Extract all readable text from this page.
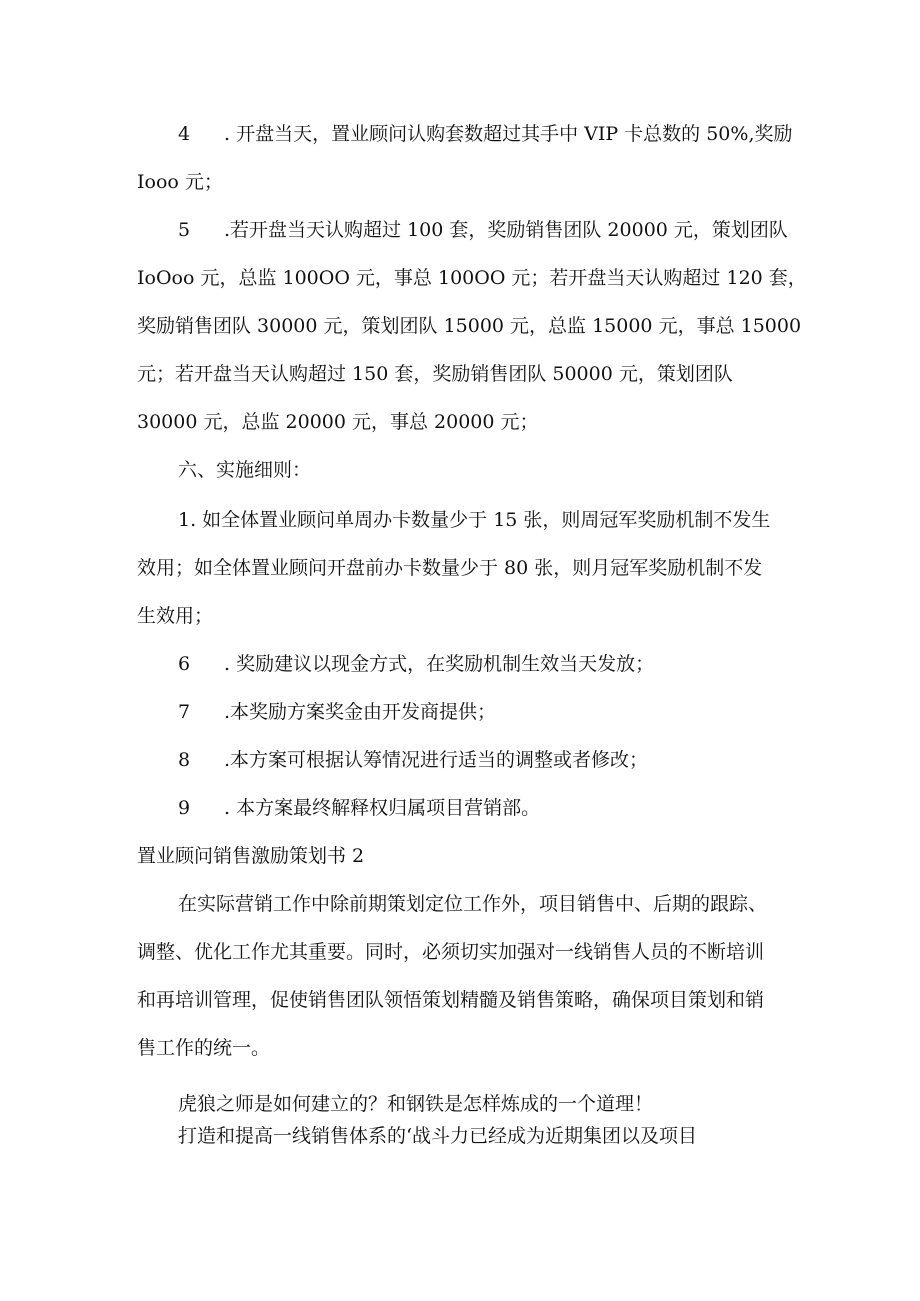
4 . 开盘当天，置业顾问认购套数超过其手中 VIP 卡总数的 50%,奖励
Iooo 元；
5 .若开盘当天认购超过 100 套，奖励销售团队 20000 元，策划团队
IoOoo 元，总监 100OO 元，事总 100OO 元；若开盘当天认购超过 120 套，
奖励销售团队 30000 元，策划团队 15000 元，总监 15000 元，事总 15000
元；若开盘当天认购超过 150 套，奖励销售团队 50000 元，策划团队
30000 元，总监 20000 元，事总 20000 元；
六、实施细则：
1. 如全体置业顾问单周办卡数量少于 15 张，则周冠军奖励机制不发生
效用；如全体置业顾问开盘前办卡数量少于 80 张，则月冠军奖励机制不发
生效用；
6 . 奖励建议以现金方式，在奖励机制生效当天发放；
7 .本奖励方案奖金由开发商提供；
8 .本方案可根据认筹情况进行适当的调整或者修改；
9 . 本方案最终解释权归属项目营销部。
置业顾问销售激励策划书 2
在实际营销工作中除前期策划定位工作外，项目销售中、后期的跟踪、
调整、优化工作尤其重要。同时，必须切实加强对一线销售人员的不断培训
和再培训管理，促使销售团队领悟策划精髓及销售策略，确保项目策划和销
售工作的统一。
虎狼之师是如何建立的？和钢铁是怎样炼成的一个道理！
打造和提高一线销售体系的‘战斗力已经成为近期集团以及项目
